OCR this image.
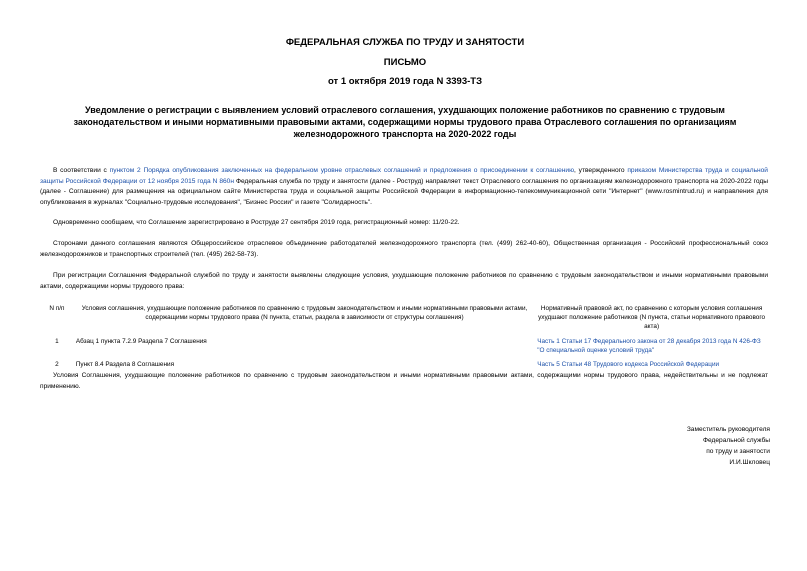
ФЕДЕРАЛЬНАЯ СЛУЖБА ПО ТРУДУ И ЗАНЯТОСТИ
ПИСЬМО
от 1 октября 2019 года N 3393-ТЗ
Уведомление о регистрации с выявлением условий отраслевого соглашения, ухудшающих положение работников по сравнению с трудовым законодательством и иными нормативными правовыми актами, содержащими нормы трудового права Отраслевого соглашения по организациям железнодорожного транспорта на 2020-2022 годы
В соответствии с пунктом 2 Порядка опубликования заключенных на федеральном уровне отраслевых соглашений и предложения о присоединении к соглашению, утвержденного приказом Министерства труда и социальной защиты Российской Федерации от 12 ноября 2015 года N 860н Федеральная служба по труду и занятости (далее - Роструд) направляет текст Отраслевого соглашения по организациям железнодорожного транспорта на 2020-2022 годы (далее - Соглашение) для размещения на официальном сайте Министерства труда и социальной защиты Российской Федерации в информационно-телекоммуникационной сети "Интернет" (www.rosmintrud.ru) и направления для опубликования в журналах "Социально-трудовые исследования", "Бизнес России" и газете "Солидарность".
Одновременно сообщаем, что Соглашение зарегистрировано в Роструде 27 сентября 2019 года, регистрационный номер: 11/20-22.
Сторонами данного соглашения являются Общероссийское отраслевое объединение работодателей железнодорожного транспорта (тел. (499) 262-40-60), Общественная организация - Российский профессиональный союз железнодорожников и транспортных строителей (тел. (495) 262-58-73).
При регистрации Соглашения Федеральной службой по труду и занятости выявлены следующие условия, ухудшающие положение работников по сравнению с трудовым законодательством и иными нормативными правовыми актами, содержащими нормы трудового права:
N п/п	Условия соглашения, ухудшающие положение работников по сравнению с трудовым законодательством и иными нормативными правовыми актами, содержащими нормы трудового права (N пункта, статьи, раздела в зависимости от структуры соглашения)	Нормативный правовой акт, по сравнению с которым условия соглашения ухудшают положение работников (N пункта, статьи нормативного правового акта)

1	Абзац 1 пункта 7.2.9 Раздела 7 Соглашения	Часть 1 Статьи 17 Федерального закона от 28 декабря 2013 года N 426-ФЗ "О специальной оценке условий труда"

2	Пункт 8.4 Раздела 8 Соглашения	Часть 5 Статьи 48 Трудового кодекса Российской Федерации
Условия Соглашения, ухудшающие положение работников по сравнению с трудовым законодательством и иными нормативными правовыми актами, содержащими нормы трудового права, недействительны и не подлежат применению.
Заместитель руководителя
Федеральной службы
по труду и занятости
И.И.Шкловец
